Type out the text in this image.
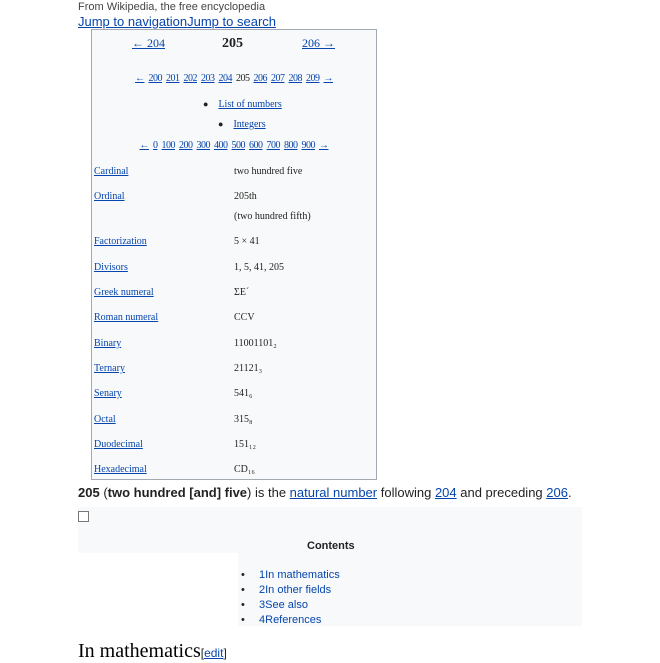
From Wikipedia, the free encyclopedia
Jump to navigationJump to search
← 204	205	206 →
← 200 201 202 203 204 205 206 207 208 209 →
● List of numbers
● Integers
← 0 100 200 300 400 500 600 700 800 900 →
Cardinal	two hundred five
Ordinal	205th
(two hundred fifth)
Factorization	5 × 41
Divisors	1, 5, 41, 205
Greek numeral	ΣΕ´
Roman numeral	CCV
Binary	11001101₂
Ternary	21121₃
Senary	541₆
Octal	315₈
Duodecimal	151₁₂
Hexadecimal	CD₁₆
205 (two hundred [and] five) is the natural number following 204 and preceding 206.
Contents
• 1In mathematics
• 2In other fields
• 3See also
• 4References
In mathematics[edit]
